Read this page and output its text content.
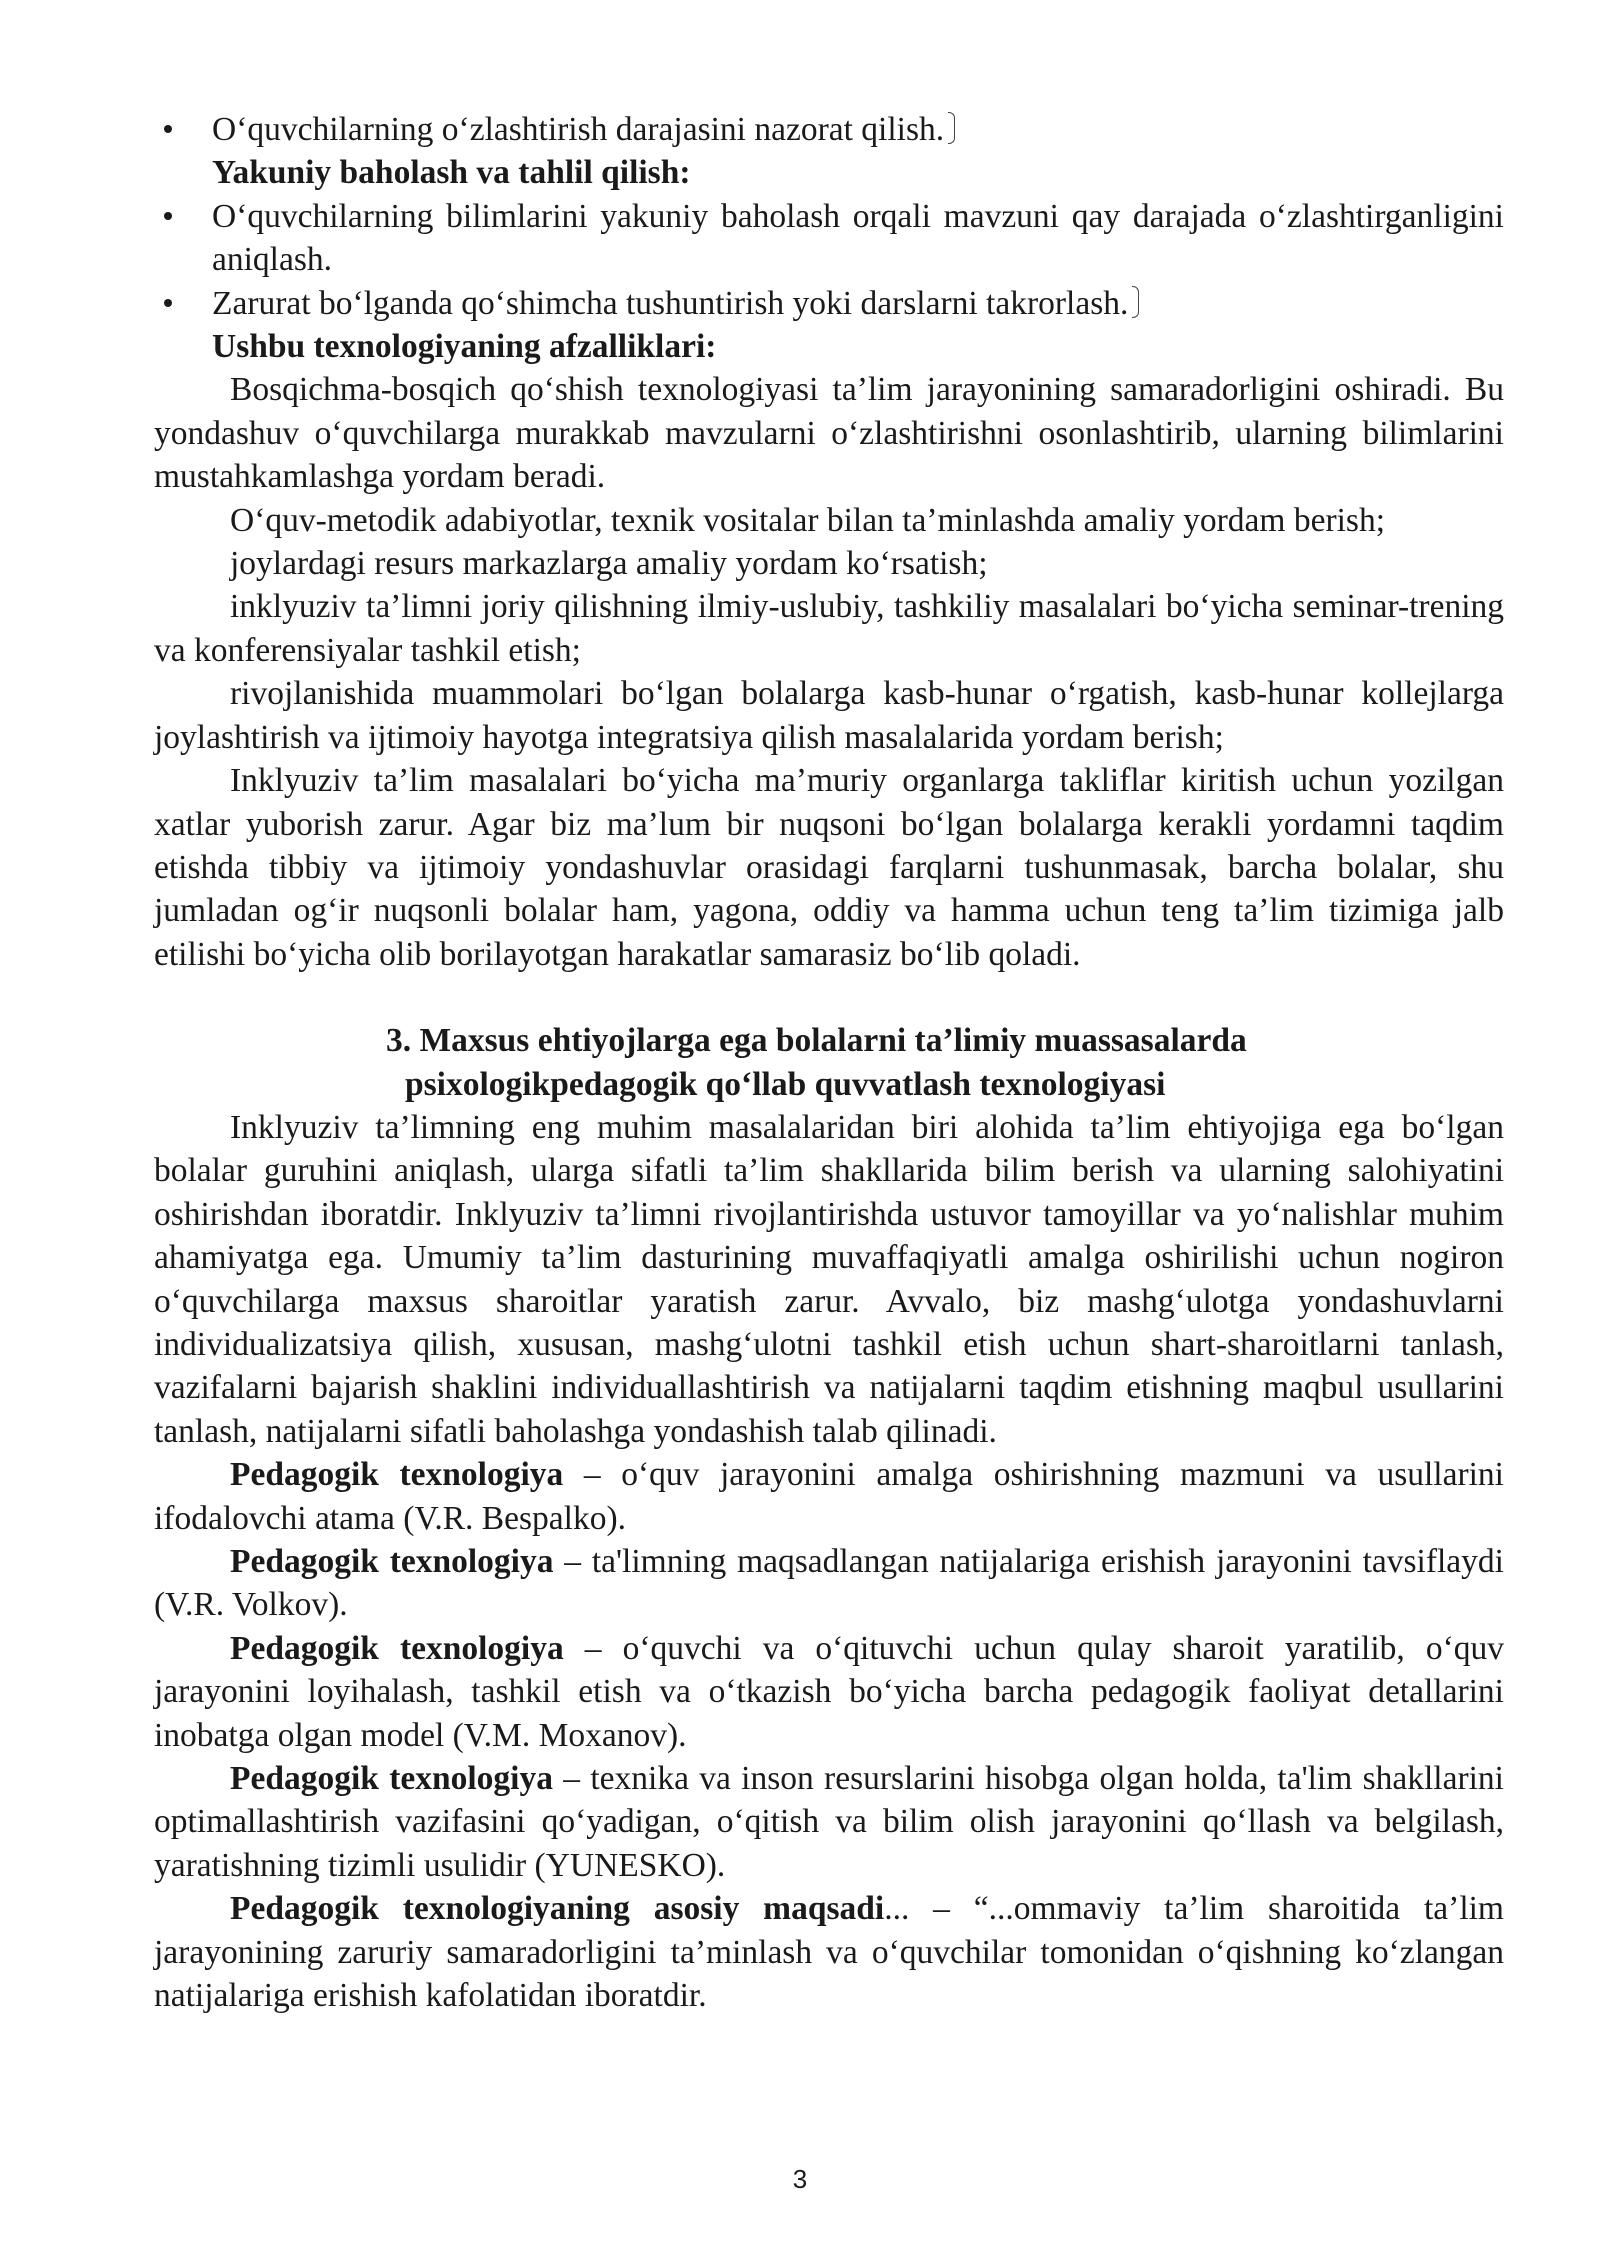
O‘quvchilarning o‘zlashtirish darajasini nazorat qilish.

Yakuniy baholash va tahlil qilish:

O‘quvchilarning bilimlarini yakuniy baholash orqali mavzuni qay darajada o‘zlashtirganligini aniqlash.
Zarurat bo‘lganda qo‘shimcha tushuntirish yoki darslarni takrorlash.

Ushbu texnologiyaning afzalliklari:

Bosqichma-bosqich qo‘shish texnologiyasi ta’lim jarayonining samaradorligini oshiradi. Bu yondashuv o‘quvchilarga murakkab mavzularni o‘zlashtirishni osonlashtirib, ularning bilimlarini mustahkamlashga yordam beradi.

O‘quv-metodik adabiyotlar, texnik vositalar bilan ta’minlashda amaliy yordam berish;

joylardagi resurs markazlarga amaliy yordam ko‘rsatish;

inklyuziv ta’limni joriy qilishning ilmiy-uslubiy, tashkiliy masalalari bo‘yicha seminar-trening va konferensiyalar tashkil etish;

rivojlanishida muammolari bo‘lgan bolalarga kasb-hunar o‘rgatish, kasb-hunar kollejlarga joylashtirish va ijtimoiy hayotga integratsiya qilish masalalarida yordam berish;

Inklyuziv ta’lim masalalari bo‘yicha ma’muriy organlarga takliflar kiritish uchun yozilgan xatlar yuborish zarur. Agar biz ma’lum bir nuqsoni bo‘lgan bolalarga kerakli yordamni taqdim etishda tibbiy va ijtimoiy yondashuvlar orasidagi farqlarni tushunmasak, barcha bolalar, shu jumladan og‘ir nuqsonli bolalar ham, yagona, oddiy va hamma uchun teng ta’lim tizimiga jalb etilishi bo‘yicha olib borilayotgan harakatlar samarasiz bo‘lib qoladi.

3. Maxsus ehtiyojlarga ega bolalarni ta’limiy muassasalarda
psixologikpedagogik qo‘llab quvvatlash texnologiyasi

Inklyuziv ta’limning eng muhim masalalaridan biri alohida ta’lim ehtiyojiga ega bo‘lgan bolalar guruhini aniqlash, ularga sifatli ta’lim shakllarida bilim berish va ularning salohiyatini oshirishdan iboratdir. Inklyuziv ta’limni rivojlantirishda ustuvor tamoyillar va yo‘nalishlar muhim ahamiyatga ega. Umumiy ta’lim dasturining muvaffaqiyatli amalga oshirilishi uchun nogiron o‘quvchilarga maxsus sharoitlar yaratish zarur. Avvalo, biz mashg‘ulotga yondashuvlarni individualizatsiya qilish, xususan, mashg‘ulotni tashkil etish uchun shart-sharoitlarni tanlash, vazifalarni bajarish shaklini individuallashtirish va natijalarni taqdim etishning maqbul usullarini tanlash, natijalarni sifatli baholashga yondashish talab qilinadi.

Pedagogik texnologiya – o‘quv jarayonini amalga oshirishning mazmuni va usullarini ifodalovchi atama (V.R. Bespalko).

Pedagogik texnologiya – ta'limning maqsadlangan natijalariga erishish jarayonini tavsiflaydi (V.R. Volkov).

Pedagogik texnologiya – o‘quvchi va o‘qituvchi uchun qulay sharoit yaratilib, o‘quv jarayonini loyihalash, tashkil etish va o‘tkazish bo‘yicha barcha pedagogik faoliyat detallarini inobatga olgan model (V.M. Moxanov).

Pedagogik texnologiya – texnika va inson resurslarini hisobga olgan holda, ta'lim shakllarini optimallashtirish vazifasini qo‘yadigan, o‘qitish va bilim olish jarayonini qo‘llash va belgilash, yaratishning tizimli usulidir (YUNESKO).

Pedagogik texnologiyaning asosiy maqsadi... – “...ommaviy ta’lim sharoitida ta’lim jarayonining zaruriy samaradorligini ta’minlash va o‘quvchilar tomonidan o‘qishning ko‘zlangan natijalariga erishish kafolatidan iboratdir.

3
